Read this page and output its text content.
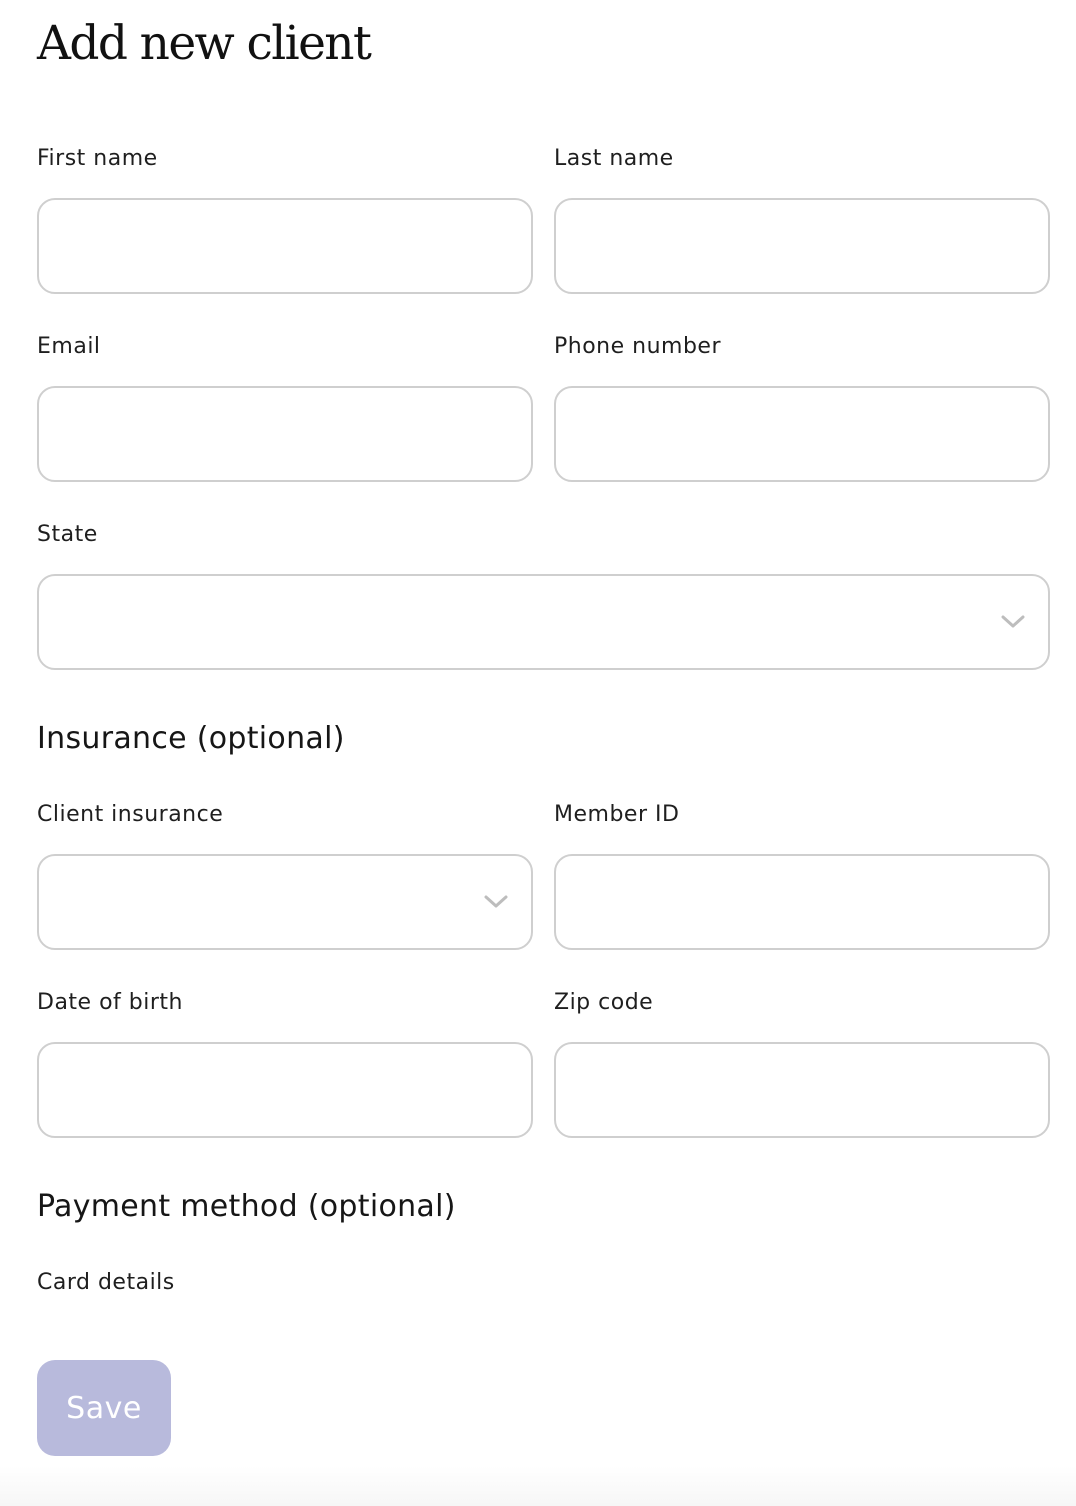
Add new client
First name	Last name
Email	Phone number
State
Insurance (optional)
Client insurance	Member ID
Date of birth	Zip code
Payment method (optional)
Card details
Save
